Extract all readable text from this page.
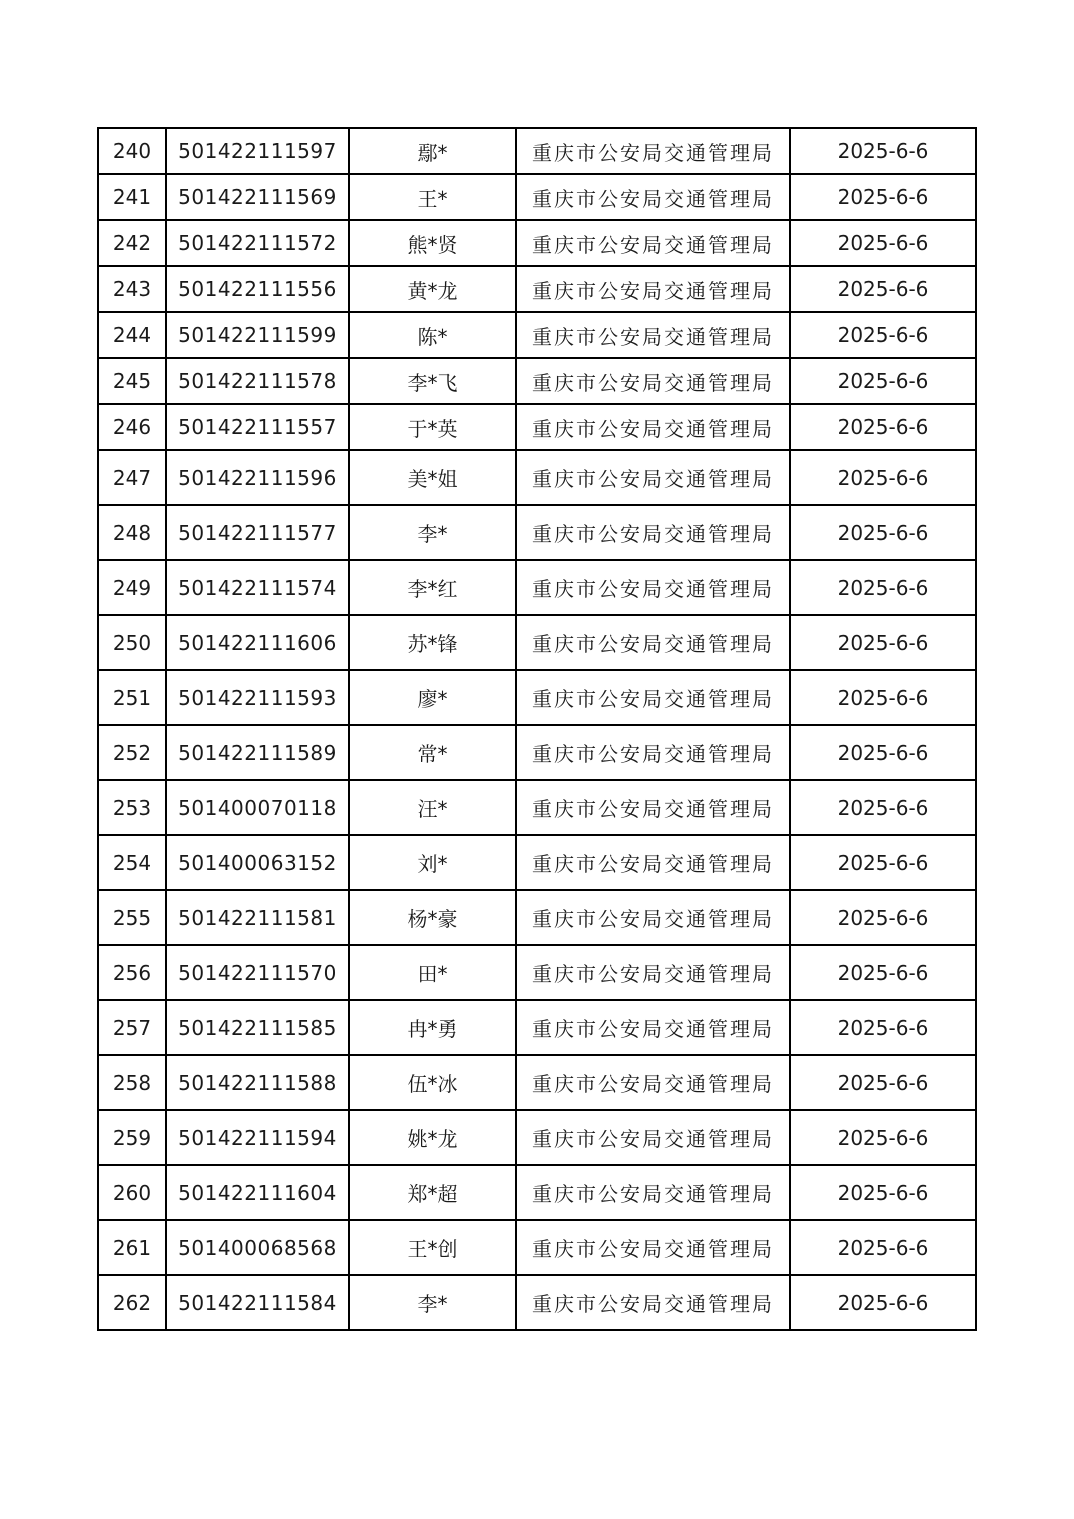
240	501422111597	鄢*	重庆市公安局交通管理局	2025-6-6
241	501422111569	王*	重庆市公安局交通管理局	2025-6-6
242	501422111572	熊*贤	重庆市公安局交通管理局	2025-6-6
243	501422111556	黄*龙	重庆市公安局交通管理局	2025-6-6
244	501422111599	陈*	重庆市公安局交通管理局	2025-6-6
245	501422111578	李*飞	重庆市公安局交通管理局	2025-6-6
246	501422111557	于*英	重庆市公安局交通管理局	2025-6-6
247	501422111596	美*姐	重庆市公安局交通管理局	2025-6-6
248	501422111577	李*	重庆市公安局交通管理局	2025-6-6
249	501422111574	李*红	重庆市公安局交通管理局	2025-6-6
250	501422111606	苏*锋	重庆市公安局交通管理局	2025-6-6
251	501422111593	廖*	重庆市公安局交通管理局	2025-6-6
252	501422111589	常*	重庆市公安局交通管理局	2025-6-6
253	501400070118	汪*	重庆市公安局交通管理局	2025-6-6
254	501400063152	刘*	重庆市公安局交通管理局	2025-6-6
255	501422111581	杨*豪	重庆市公安局交通管理局	2025-6-6
256	501422111570	田*	重庆市公安局交通管理局	2025-6-6
257	501422111585	冉*勇	重庆市公安局交通管理局	2025-6-6
258	501422111588	伍*冰	重庆市公安局交通管理局	2025-6-6
259	501422111594	姚*龙	重庆市公安局交通管理局	2025-6-6
260	501422111604	郑*超	重庆市公安局交通管理局	2025-6-6
261	501400068568	王*创	重庆市公安局交通管理局	2025-6-6
262	501422111584	李*	重庆市公安局交通管理局	2025-6-6
